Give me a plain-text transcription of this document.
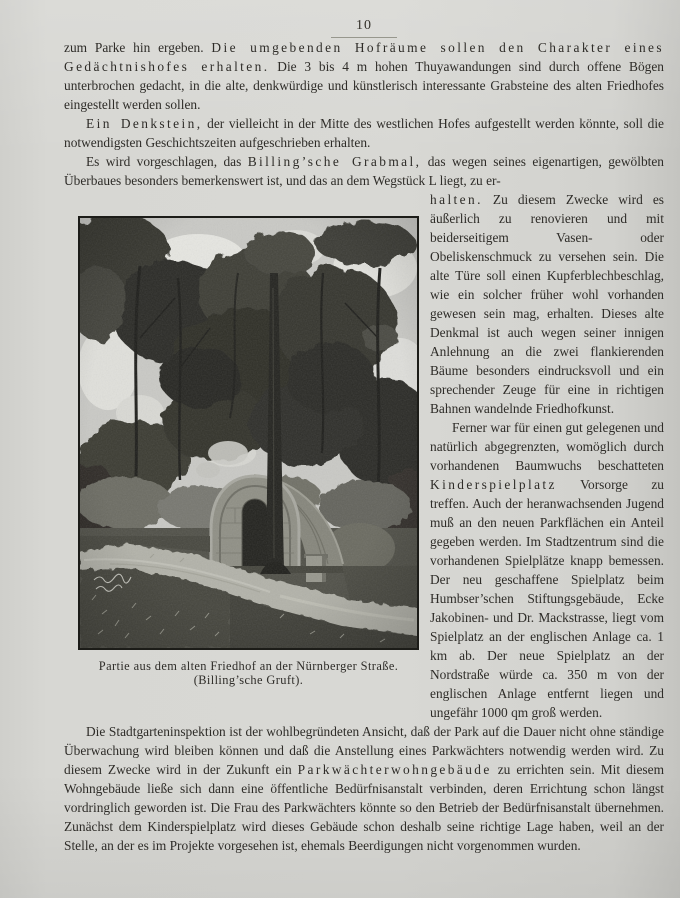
10

zum Parke hin ergeben. Die umgebenden Hofräume sollen den Charakter eines Gedächtnishofes erhalten. Die 3 bis 4 m hohen Thuyawandungen sind durch offene Bögen unterbrochen gedacht, in die alte, denkwürdige und künstlerisch interessante Grabsteine des alten Friedhofes eingestellt werden sollen.

Ein Denkstein, der vielleicht in der Mitte des westlichen Hofes aufgestellt werden könnte, soll die notwendigsten Geschichtszeiten aufgeschrieben erhalten.

Es wird vorgeschlagen, das Billing’sche Grabmal, das wegen seines eigenartigen, gewölbten Überbaues besonders bemerkenswert ist, und das an dem Wegstück L liegt, zu er-

Partie aus dem alten Friedhof an der Nürnberger Straße.
(Billing’sche Gruft).

halten. Zu diesem Zwecke wird es äußerlich zu renovieren und mit beiderseitigem Vasen- oder Obeliskenschmuck zu versehen sein. Die alte Türe soll einen Kupferblechbeschlag, wie ein solcher früher wohl vorhanden gewesen sein mag, erhalten. Dieses alte Denkmal ist auch wegen seiner innigen Anlehnung an die zwei flankierenden Bäume besonders eindrucksvoll und ein sprechender Zeuge für eine in richtigen Bahnen wandelnde Friedhofkunst.

Ferner war für einen gut gelegenen und natürlich abgegrenzten, womöglich durch vorhandenen Baumwuchs beschatteten Kinderspielplatz Vorsorge zu treffen. Auch der heranwachsenden Jugend muß an den neuen Parkflächen ein Anteil gegeben werden. Im Stadtzentrum sind die vorhandenen Spielplätze knapp bemessen. Der neu geschaffene Spielplatz beim Humbser’schen Stiftungsgebäude, Ecke Jakobinen- und Dr. Mackstrasse, liegt vom Spielplatz an der englischen Anlage ca. 1 km ab. Der neue Spielplatz an der Nordstraße würde ca. 350 m von der englischen Anlage entfernt liegen und ungefähr 1000 qm groß werden.

Die Stadtgarteninspektion ist der wohlbegründeten Ansicht, daß der Park auf die Dauer nicht ohne ständige Überwachung wird bleiben können und daß die Anstellung eines Parkwächters notwendig werden wird. Zu diesem Zwecke wird in der Zukunft ein Parkwächterwohngebäude zu errichten sein. Mit diesem Wohngebäude ließe sich dann eine öffentliche Bedürfnisanstalt verbinden, deren Errichtung schon längst vordringlich geworden ist. Die Frau des Parkwächters könnte so den Betrieb der Bedürfnisanstalt übernehmen. Zunächst dem Kinderspielplatz wird dieses Gebäude schon deshalb seine richtige Lage haben, weil an der Stelle, an der es im Projekte vorgesehen ist, ehemals Beerdigungen nicht vorgenommen wurden.
